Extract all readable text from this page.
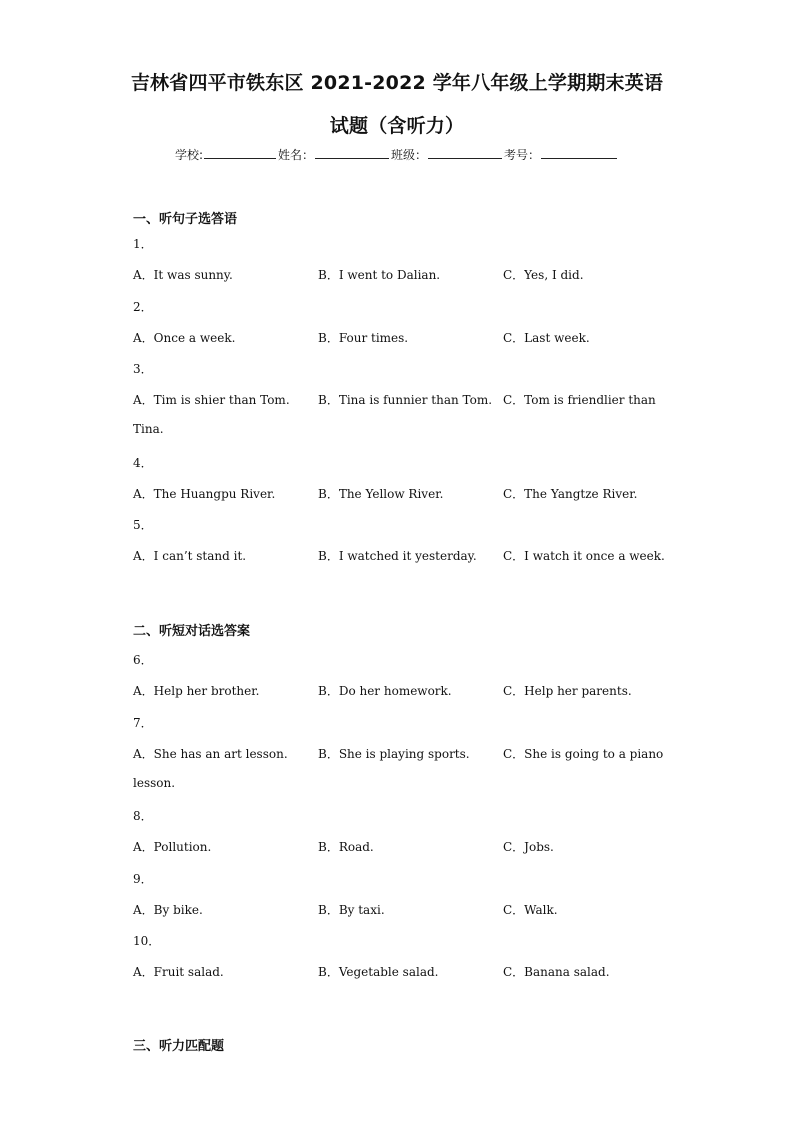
吉林省四平市铁东区 2021-2022 学年八年级上学期期末英语
试题（含听力）
学校:	姓名：	班级：	考号：
一、听句子选答语
1．
A．It was sunny.	B．I went to Dalian.	C．Yes, I did.
2．
A．Once a week.	B．Four times.	C．Last week.
3．
A．Tim is shier than Tom. B．Tina is funnier than Tom. C．Tom is friendlier than
Tina.
4．
A．The Huangpu River.	B．The Yellow River.	C．The Yangtze River.
5．
A．I can’t stand it.	B．I watched it yesterday. C．I watch it once a week.
二、听短对话选答案
6．
A．Help her brother.	B．Do her homework.	C．Help her parents.
7．
A．She has an art lesson.	B．She is playing sports.	C．She is going to a piano
lesson.
8．
A．Pollution.	B．Road.	C．Jobs.
9．
A．By bike.	B．By taxi.	C．Walk.
10．
A．Fruit salad.	B．Vegetable salad.	C．Banana salad.
三、听力匹配题
